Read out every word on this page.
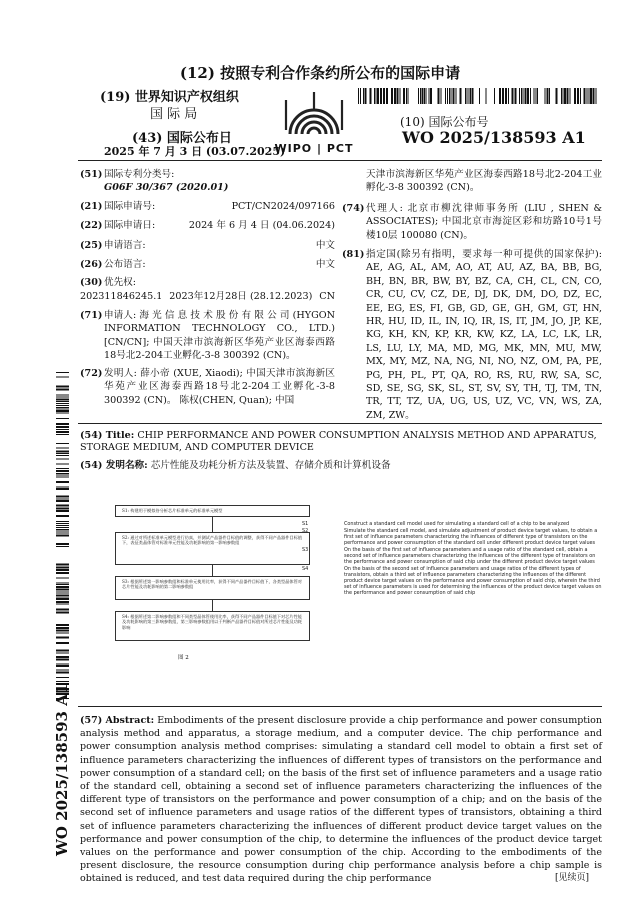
(12) 按照专利合作条约所公布的国际申请
(19) 世界知识产权组织
国 际 局
(43) 国际公布日
2025 年 7 月 3 日 (03.07.2025)
WIPO | PCT
(10) 国际公布号
WO 2025/138593 A1
(51) 国际专利分类号:
G06F 30/367 (2020.01)
(21) 国际申请号:	PCT/CN2024/097166
(22) 国际申请日:	2024 年 6 月 4 日 (04.06.2024)
(25) 申请语言:	中文
(26) 公布语言:	中文
(30) 优先权:
202311846245.1 2023年12月28日 (28.12.2023) CN
(71) 申请人: 海 光 信 息 技 术 股 份 有 限 公 司 (HYGON INFORMATION TECHNOLOGY CO., LTD.) [CN/CN]; 中国天津市滨海新区华苑产业区海泰西路18号北2-204工业孵化-3-8 300392 (CN)。
(72) 发明人: 薛小帝 (XUE, Xiaodi); 中国天津市滨海新区华苑产业区海泰西路18号北2-204工业孵化-3-8 300392 (CN)。 陈权(CHEN, Quan); 中国
天津市滨海新区华苑产业区海泰西路18号北2-204工业孵化-3-8 300392 (CN)。
(74) 代理人: 北京市柳沈律师事务所 (LIU , SHEN & ASSOCIATES); 中国北京市海淀区彩和坊路10号1号楼10层 100080 (CN)。
(81) 指定国(除另有指明，要求每一种可提供的国家保护): AE, AG, AL, AM, AO, AT, AU, AZ, BA, BB, BG, BH, BN, BR, BW, BY, BZ, CA, CH, CL, CN, CO, CR, CU, CV, CZ, DE, DJ, DK, DM, DO, DZ, EC, EE, EG, ES, FI, GB, GD, GE, GH, GM, GT, HN, HR, HU, ID, IL, IN, IQ, IR, IS, IT, JM, JO, JP, KE, KG, KH, KN, KP, KR, KW, KZ, LA, LC, LK, LR, LS, LU, LY, MA, MD, MG, MK, MN, MU, MW, MX, MY, MZ, NA, NG, NI, NO, NZ, OM, PA, PE, PG, PH, PL, PT, QA, RO, RS, RU, RW, SA, SC, SD, SE, SG, SK, SL, ST, SV, SY, TH, TJ, TM, TN, TR, TT, TZ, UA, UG, US, UZ, VC, VN, WS, ZA, ZM, ZW。
(54) Title: CHIP PERFORMANCE AND POWER CONSUMPTION ANALYSIS METHOD AND APPARATUS, STORAGE MEDIUM, AND COMPUTER DEVICE
(54) 发明名称: 芯片性能及功耗分析方法及装置、存储介质和计算机设备
S1: 构建用于模拟待分析芯片标准单元的标准单元模型
S2: 通过对所述标准单元模型进行仿真，并测试产品器件目标值的调整，获得不同产品器件目标值下，表征类晶体管对标准单元性能及功耗影响的第一影响参数组
S3: 根据所述第一影响参数组和标准单元使用比率，获得不同产品器件目标值下，各类型晶体管对芯片性能及功耗影响的第二影响参数组
S4: 根据所述第二影响参数组和不同类型晶体管使用比率，获得不同产品器件目标值下对芯片性能及功耗影响的第三影响参数组，第三影响参数组用以于判断产品器件目标值对所述芯片性能及功耗影响
图 2
S1	Construct a standard cell model used for simulating a standard cell of a chip to be analyzed
S2	Simulate the standard cell model, and simulate adjustment of product device target values, to obtain a first set of influence parameters characterizing the influences of different type of transistors on the performance and power consumption of the standard cell under different product device target values
S3	On the basis of the first set of influence parameters and a usage ratio of the standard cell, obtain a second set of influence parameters characterizing the influences of the different type of transistors on the performance and power consumption of said chip under the different product device target values
S4	On the basis of the second set of influence parameters and usage ratios of the different types of transistors, obtain a third set of influence parameters characterizing the influences of the different product device target values on the performance and power consumption of said chip, wherein the third set of influence parameters is used for determining the influences of the product device target values on the performance and power consumption of said chip
(57) Abstract: Embodiments of the present disclosure provide a chip performance and power consumption analysis method and apparatus, a storage medium, and a computer device. The chip performance and power consumption analysis method comprises: simulating a standard cell model to obtain a first set of influence parameters characterizing the influences of different types of transistors on the performance and power consumption of a standard cell; on the basis of the first set of influence parameters and a usage ratio of the standard cell, obtaining a second set of influence parameters characterizing the influences of the different type of transistors on the performance and power consumption of a chip; and on the basis of the second set of influence parameters and usage ratios of the different types of transistors, obtaining a third set of influence parameters characterizing the influences of different product device target values on the performance and power consumption of the chip, to determine the influences of the product device target values on the performance and power consumption of the chip. According to the embodiments of the present disclosure, the resource consumption during chip performance analysis before a chip sample is obtained is reduced, and test data required during the chip performance	[见续页]
WO 2025/138593 A1
